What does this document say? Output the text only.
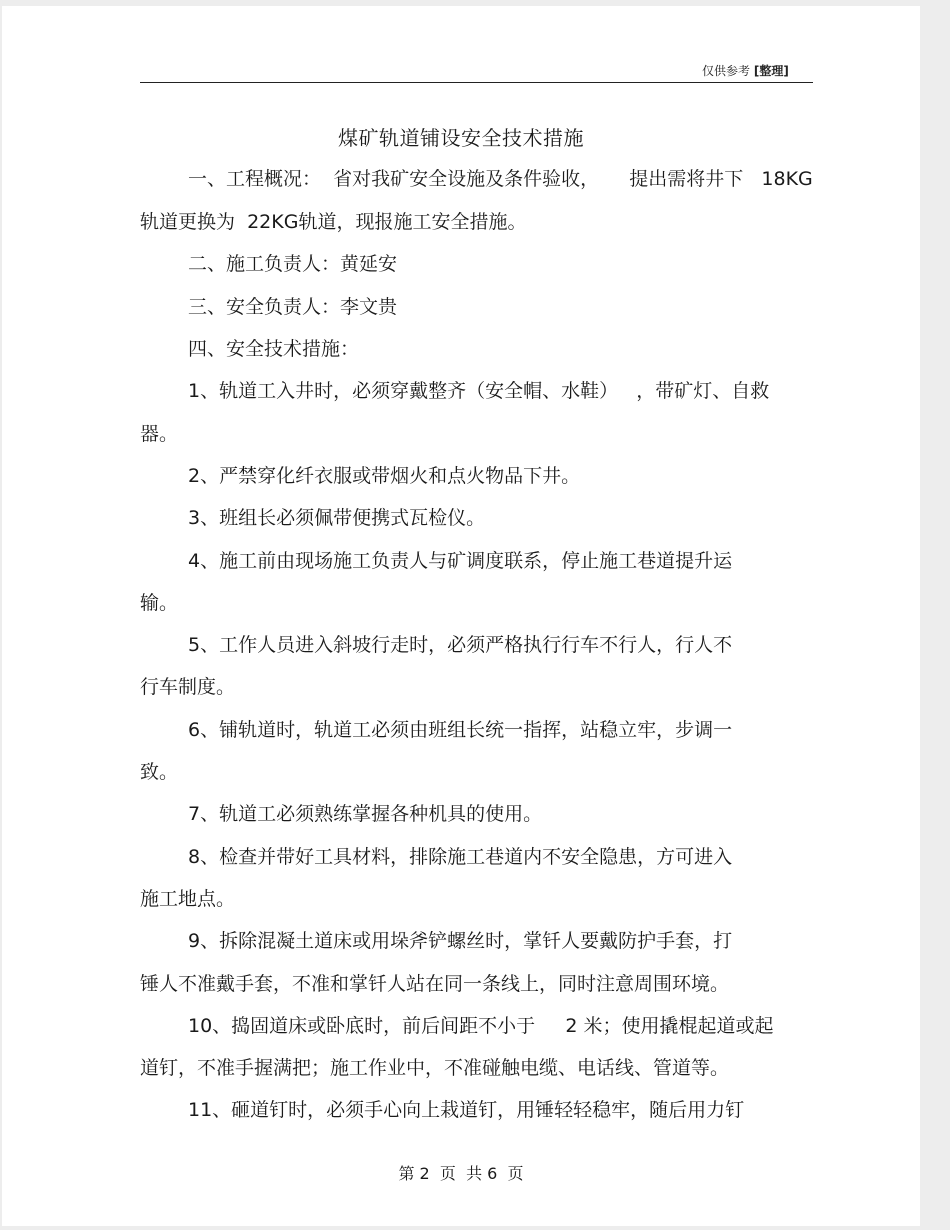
仅供参考 [整理]
煤矿轨道铺设安全技术措施
一、工程概况：  省对我矿安全设施及条件验收，     提出需将井下   18KG
轨道更换为  22KG轨道，现报施工安全措施。
二、施工负责人：黄延安
三、安全负责人：李文贵
四、安全技术措施：
1、轨道工入井时，必须穿戴整齐（安全帽、水鞋）   ，带矿灯、自救
器。
2、严禁穿化纤衣服或带烟火和点火物品下井。
3、班组长必须佩带便携式瓦检仪。
4、施工前由现场施工负责人与矿调度联系，停止施工巷道提升运
输。
5、工作人员进入斜坡行走时，必须严格执行行车不行人，行人不
行车制度。
6、铺轨道时，轨道工必须由班组长统一指挥，站稳立牢，步调一
致。
7、轨道工必须熟练掌握各种机具的使用。
8、检查并带好工具材料，排除施工巷道内不安全隐患，方可进入
施工地点。
9、拆除混凝土道床或用垛斧铲螺丝时，掌钎人要戴防护手套，打
锤人不准戴手套，不准和掌钎人站在同一条线上，同时注意周围环境。
10、捣固道床或卧底时，前后间距不小于     2 米；使用撬棍起道或起
道钉，不准手握满把；施工作业中，不准碰触电缆、电话线、管道等。
11、砸道钉时，必须手心向上栽道钉，用锤轻轻稳牢，随后用力钉
第 2  页  共 6  页
